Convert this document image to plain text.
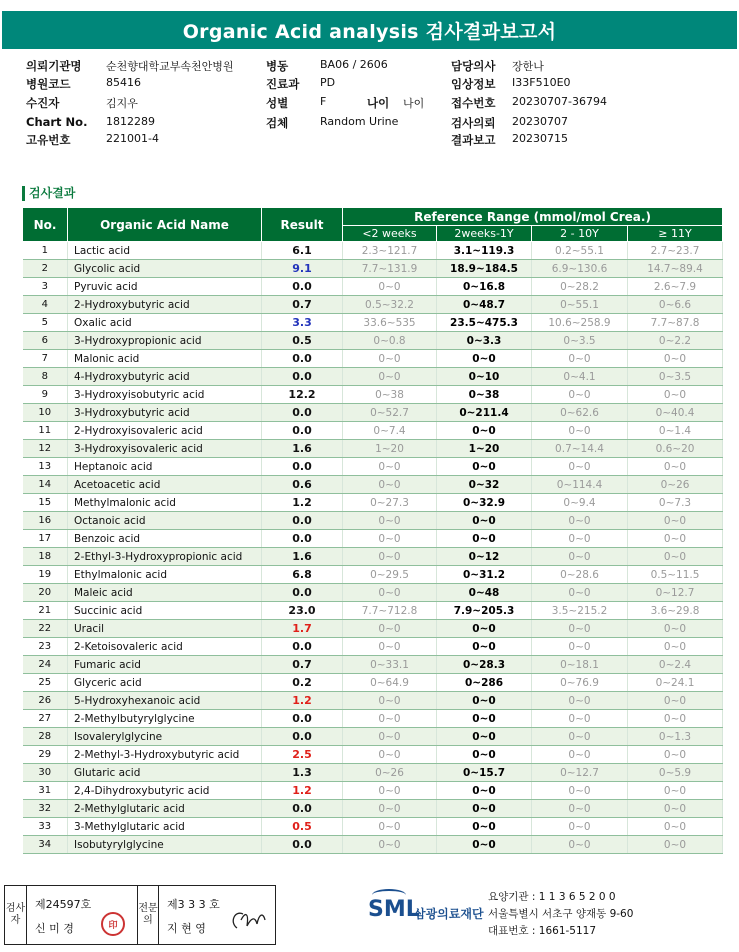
Organic Acid analysis 검사결과보고서
의뢰기관명 순천향대학교부속천안병원
병원코드	85416
수진자	김지우
Chart No. 1812289
고유번호	221001-4
병동	BA06 / 2606
진료과 PD
성별	F	나이 나이
검체	Random Urine
담당의사 장한나
임상정보 I33F510E0
접수번호 20230707-36794
검사의뢰 20230707
결과보고 20230715
검사결과
No.	Organic Acid Name	Result	Reference Range (mmol/mol Crea.)			
			<2 weeks	2weeks-1Y	2 - 10Y	≥ 11Y
1	Lactic acid	6.1	2.3~121.7	3.1~119.3	0.2~55.1	2.7~23.7
2	Glycolic acid	9.1	7.7~131.9	18.9~184.5	6.9~130.6	14.7~89.4
3	Pyruvic acid	0.0	0~0	0~16.8	0~28.2	2.6~7.9
4	2-Hydroxybutyric acid	0.7	0.5~32.2	0~48.7	0~55.1	0~6.6
5	Oxalic acid	3.3	33.6~535	23.5~475.3	10.6~258.9	7.7~87.8
6	3-Hydroxypropionic acid	0.5	0~0.8	0~3.3	0~3.5	0~2.2
7	Malonic acid	0.0	0~0	0~0	0~0	0~0
8	4-Hydroxybutyric acid	0.0	0~0	0~10	0~4.1	0~3.5
9	3-Hydroxyisobutyric acid	12.2	0~38	0~38	0~0	0~0
10	3-Hydroxybutyric acid	0.0	0~52.7	0~211.4	0~62.6	0~40.4
11	2-Hydroxyisovaleric acid	0.0	0~7.4	0~0	0~0	0~1.4
12	3-Hydroxyisovaleric acid	1.6	1~20	1~20	0.7~14.4	0.6~20
13	Heptanoic acid	0.0	0~0	0~0	0~0	0~0
14	Acetoacetic acid	0.6	0~0	0~32	0~114.4	0~26
15	Methylmalonic acid	1.2	0~27.3	0~32.9	0~9.4	0~7.3
16	Octanoic acid	0.0	0~0	0~0	0~0	0~0
17	Benzoic acid	0.0	0~0	0~0	0~0	0~0
18	2-Ethyl-3-Hydroxypropionic acid	1.6	0~0	0~12	0~0	0~0
19	Ethylmalonic acid	6.8	0~29.5	0~31.2	0~28.6	0.5~11.5
20	Maleic acid	0.0	0~0	0~48	0~0	0~12.7
21	Succinic acid	23.0	7.7~712.8	7.9~205.3	3.5~215.2	3.6~29.8
22	Uracil	1.7	0~0	0~0	0~0	0~0
23	2-Ketoisovaleric acid	0.0	0~0	0~0	0~0	0~0
24	Fumaric acid	0.7	0~33.1	0~28.3	0~18.1	0~2.4
25	Glyceric acid	0.2	0~64.9	0~286	0~76.9	0~24.1
26	5-Hydroxyhexanoic acid	1.2	0~0	0~0	0~0	0~0
27	2-Methylbutyrylglycine	0.0	0~0	0~0	0~0	0~0
28	Isovalerylglycine	0.0	0~0	0~0	0~0	0~1.3
29	2-Methyl-3-Hydroxybutyric acid	2.5	0~0	0~0	0~0	0~0
30	Glutaric acid	1.3	0~26	0~15.7	0~12.7	0~5.9
31	2,4-Dihydroxybutyric acid	1.2	0~0	0~0	0~0	0~0
32	2-Methylglutaric acid	0.0	0~0	0~0	0~0	0~0
33	3-Methylglutaric acid	0.5	0~0	0~0	0~0	0~0
34	Isobutyrylglycine	0.0	0~0	0~0	0~0	0~0
검사자
제24597호
신 미 경	印
전문의
제3 3 3 호
지 현 영
SML
삼광의료재단
요양기관 : 1 1 3 6 5 2 0 0
서울특별시 서초구 양재동 9-60
대표번호 : 1661-5117
